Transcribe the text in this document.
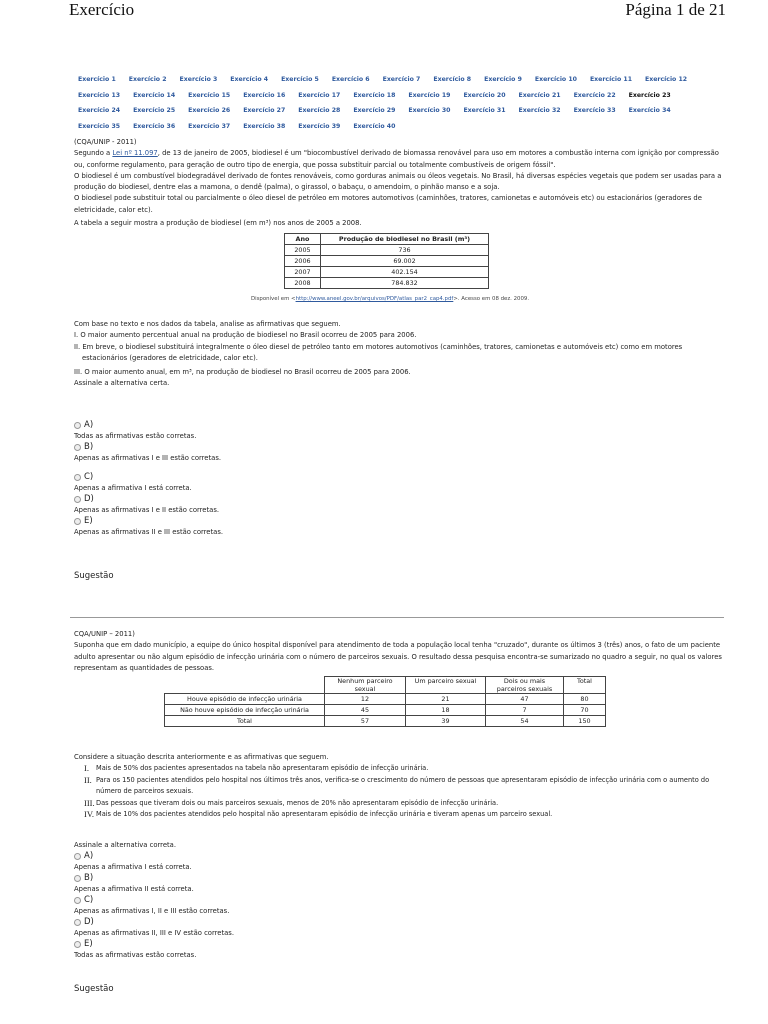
Exercício	Página 1 de 21
Exercício 1 Exercício 2 Exercício 3 Exercício 4 Exercício 5 Exercício 6 Exercício 7 Exercício 8 Exercício 9 Exercício 10 Exercício 11 Exercício 12
Exercício 13 Exercício 14 Exercício 15 Exercício 16 Exercício 17 Exercício 18 Exercício 19 Exercício 20 Exercício 21 Exercício 22 Exercício 23
Exercício 24 Exercício 25 Exercício 26 Exercício 27 Exercício 28 Exercício 29 Exercício 30 Exercício 31 Exercício 32 Exercício 33 Exercício 34
Exercício 35 Exercício 36 Exercício 37 Exercício 38 Exercício 39 Exercício 40

(CQA/UNIP - 2011)

Segundo a Lei nº 11.097, de 13 de janeiro de 2005, biodiesel é um "biocombustível derivado de biomassa renovável para uso em motores a combustão interna com ignição por compressão ou, conforme regulamento, para geração de outro tipo de energia, que possa substituir parcial ou totalmente combustíveis de origem fóssil".

O biodiesel é um combustível biodegradável derivado de fontes renováveis, como gorduras animais ou óleos vegetais. No Brasil, há diversas espécies vegetais que podem ser usadas para a produção do biodiesel, dentre elas a mamona, o dendê (palma), o girassol, o babaçu, o amendoim, o pinhão manso e a soja.

O biodiesel pode substituir total ou parcialmente o óleo diesel de petróleo em motores automotivos (caminhões, tratores, camionetas e automóveis etc) ou estacionários (geradores de eletricidade, calor etc).

A tabela a seguir mostra a produção de biodiesel (em m³) nos anos de 2005 a 2008.

Ano	Produção de biodiesel no Brasil (m³)
2005	736
2006	69.002
2007	402.154
2008	784.832
Disponível em <http://www.aneel.gov.br/arquivos/PDF/atlas_par2_cap4.pdf>. Acesso em 08 dez. 2009.

Com base no texto e nos dados da tabela, analise as afirmativas que seguem.

I. O maior aumento percentual anual na produção de biodiesel no Brasil ocorreu de 2005 para 2006.

II. Em breve, o biodiesel substituirá integralmente o óleo diesel de petróleo tanto em motores automotivos (caminhões, tratores, camionetas e automóveis etc) como em motores estacionários (geradores de eletricidade, calor etc).

III. O maior aumento anual, em m³, na produção de biodiesel no Brasil ocorreu de 2005 para 2006.

Assinale a alternativa certa.

A)
Todas as afirmativas estão corretas.
B)
Apenas as afirmativas I e III estão corretas.
C)
Apenas a afirmativa I está correta.
D)
Apenas as afirmativas I e II estão corretas.
E)
Apenas as afirmativas II e III estão corretas.
Sugestão

CQA/UNIP – 2011)

Suponha que em dado município, a equipe do único hospital disponível para atendimento de toda a população local tenha "cruzado", durante os últimos 3 (três) anos, o fato de um paciente adulto apresentar ou não algum episódio de infecção urinária com o número de parceiros sexuais. O resultado dessa pesquisa encontra-se sumarizado no quadro a seguir, no qual os valores representam as quantidades de pessoas.

	Nenhum parceiro sexual	Um parceiro sexual	Dois ou mais parceiros sexuais	Total
Houve episódio de infecção urinária	12	21	47	80
Não houve episódio de infecção urinária	45	18	7	70
Total	57	39	54	150

Considere a situação descrita anteriormente e as afirmativas que seguem.

I.	Mais de 50% dos pacientes apresentados na tabela não apresentaram episódio de infecção urinária.
II. Para os 150 pacientes atendidos pelo hospital nos últimos três anos, verifica-se o crescimento do número de pessoas que apresentaram episódio de infecção urinária com o aumento do número de parceiros sexuais.
III. Das pessoas que tiveram dois ou mais parceiros sexuais, menos de 20% não apresentaram episódio de infecção urinária.
IV. Mais de 10% dos pacientes atendidos pelo hospital não apresentaram episódio de infecção urinária e tiveram apenas um parceiro sexual.

Assinale a alternativa correta.

A)
Apenas a afirmativa I está correta.
B)
Apenas a afirmativa II está correta.
C)
Apenas as afirmativas I, II e III estão corretas.
D)
Apenas as afirmativas II, III e IV estão corretas.
E)
Todas as afirmativas estão corretas.
Sugestão
